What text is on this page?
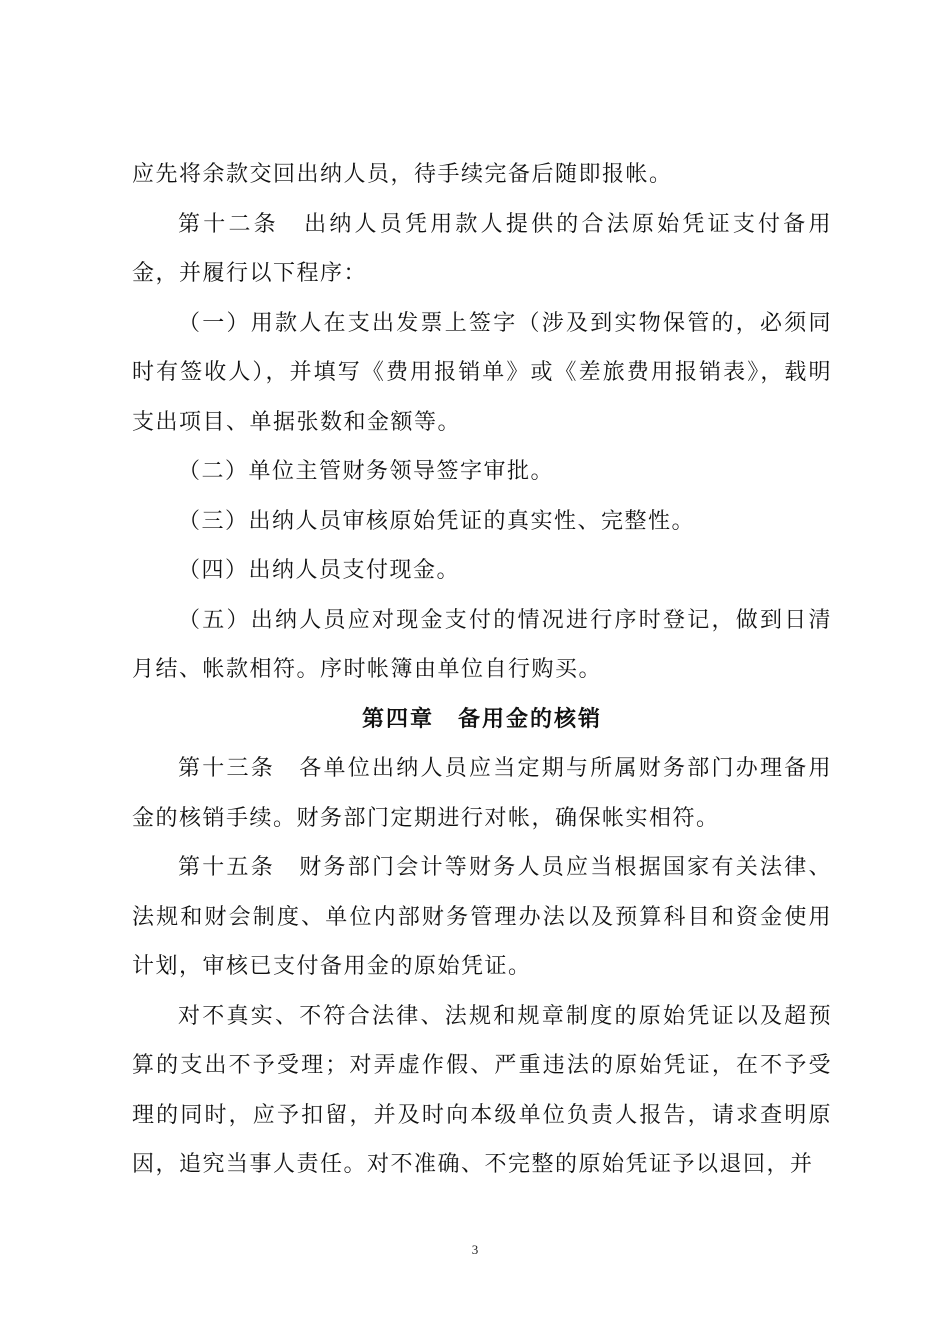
应先将余款交回出纳人员，待手续完备后随即报帐。

第十二条　出纳人员凭用款人提供的合法原始凭证支付备用金，并履行以下程序：

（一）用款人在支出发票上签字（涉及到实物保管的，必须同时有签收人），并填写《费用报销单》或《差旅费用报销表》，载明支出项目、单据张数和金额等。

（二）单位主管财务领导签字审批。

（三）出纳人员审核原始凭证的真实性、完整性。

（四）出纳人员支付现金。

（五）出纳人员应对现金支付的情况进行序时登记，做到日清月结、帐款相符。序时帐簿由单位自行购买。

第四章　备用金的核销

第十三条　各单位出纳人员应当定期与所属财务部门办理备用金的核销手续。财务部门定期进行对帐，确保帐实相符。

第十五条　财务部门会计等财务人员应当根据国家有关法律、法规和财会制度、单位内部财务管理办法以及预算科目和资金使用计划，审核已支付备用金的原始凭证。

对不真实、不符合法律、法规和规章制度的原始凭证以及超预算的支出不予受理；对弄虚作假、严重违法的原始凭证，在不予受理的同时，应予扣留，并及时向本级单位负责人报告，请求查明原因，追究当事人责任。对不准确、不完整的原始凭证予以退回，并

3
